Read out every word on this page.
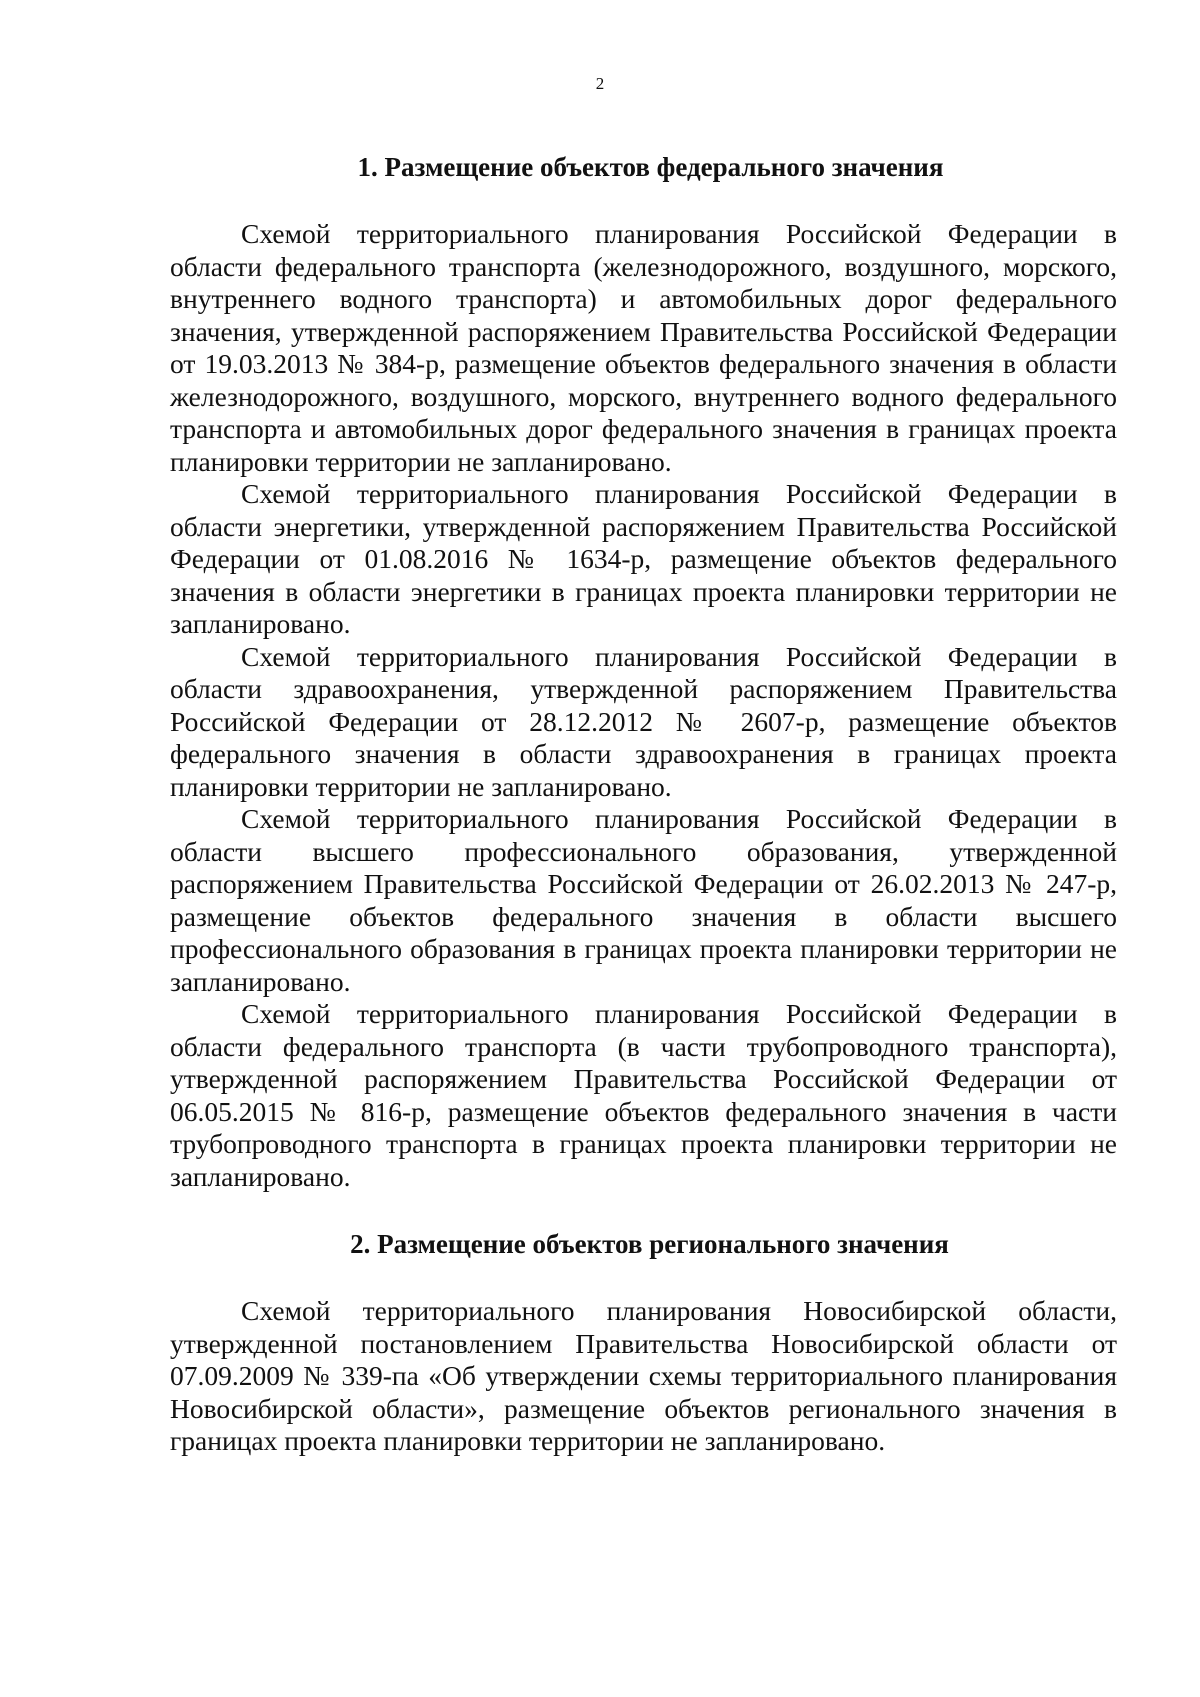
2
1. Размещение объектов федерального значения

Схемой территориального планирования Российской Федерации в области федерального транспорта (железнодорожного, воздушного, морского, внутреннего водного транспорта) и автомобильных дорог федерального значения, утвержденной распоряжением Правительства Российской Федерации от 19.03.2013 № 384-р, размещение объектов федерального значения в области железнодорожного, воздушного, морского, внутреннего водного федерального транспорта и автомобильных дорог федерального значения в границах проекта планировки территории не запланировано.

Схемой территориального планирования Российской Федерации в области энергетики, утвержденной распоряжением Правительства Российской Федерации от 01.08.2016 № 1634-р, размещение объектов федерального значения в области энергетики в границах проекта планировки территории не запланировано.

Схемой территориального планирования Российской Федерации в области здравоохранения, утвержденной распоряжением Правительства Российской Федерации от 28.12.2012 № 2607-р, размещение объектов федерального значения в области здравоохранения в границах проекта планировки территории не запланировано.

Схемой территориального планирования Российской Федерации в области высшего профессионального образования, утвержденной распоряжением Правительства Российской Федерации от 26.02.2013 № 247-р, размещение объектов федерального значения в области высшего профессионального образования в границах проекта планировки территории не запланировано.

Схемой территориального планирования Российской Федерации в области федерального транспорта (в части трубопроводного транспорта), утвержденной распоряжением Правительства Российской Федерации от 06.05.2015 № 816-р, размещение объектов федерального значения в части трубопроводного транспорта в границах проекта планировки территории не запланировано.

2. Размещение объектов регионального значения

Схемой территориального планирования Новосибирской области, утвержденной постановлением Правительства Новосибирской области от 07.09.2009 № 339-па «Об утверждении схемы территориального планирования Новосибирской области», размещение объектов регионального значения в границах проекта планировки территории не запланировано.
